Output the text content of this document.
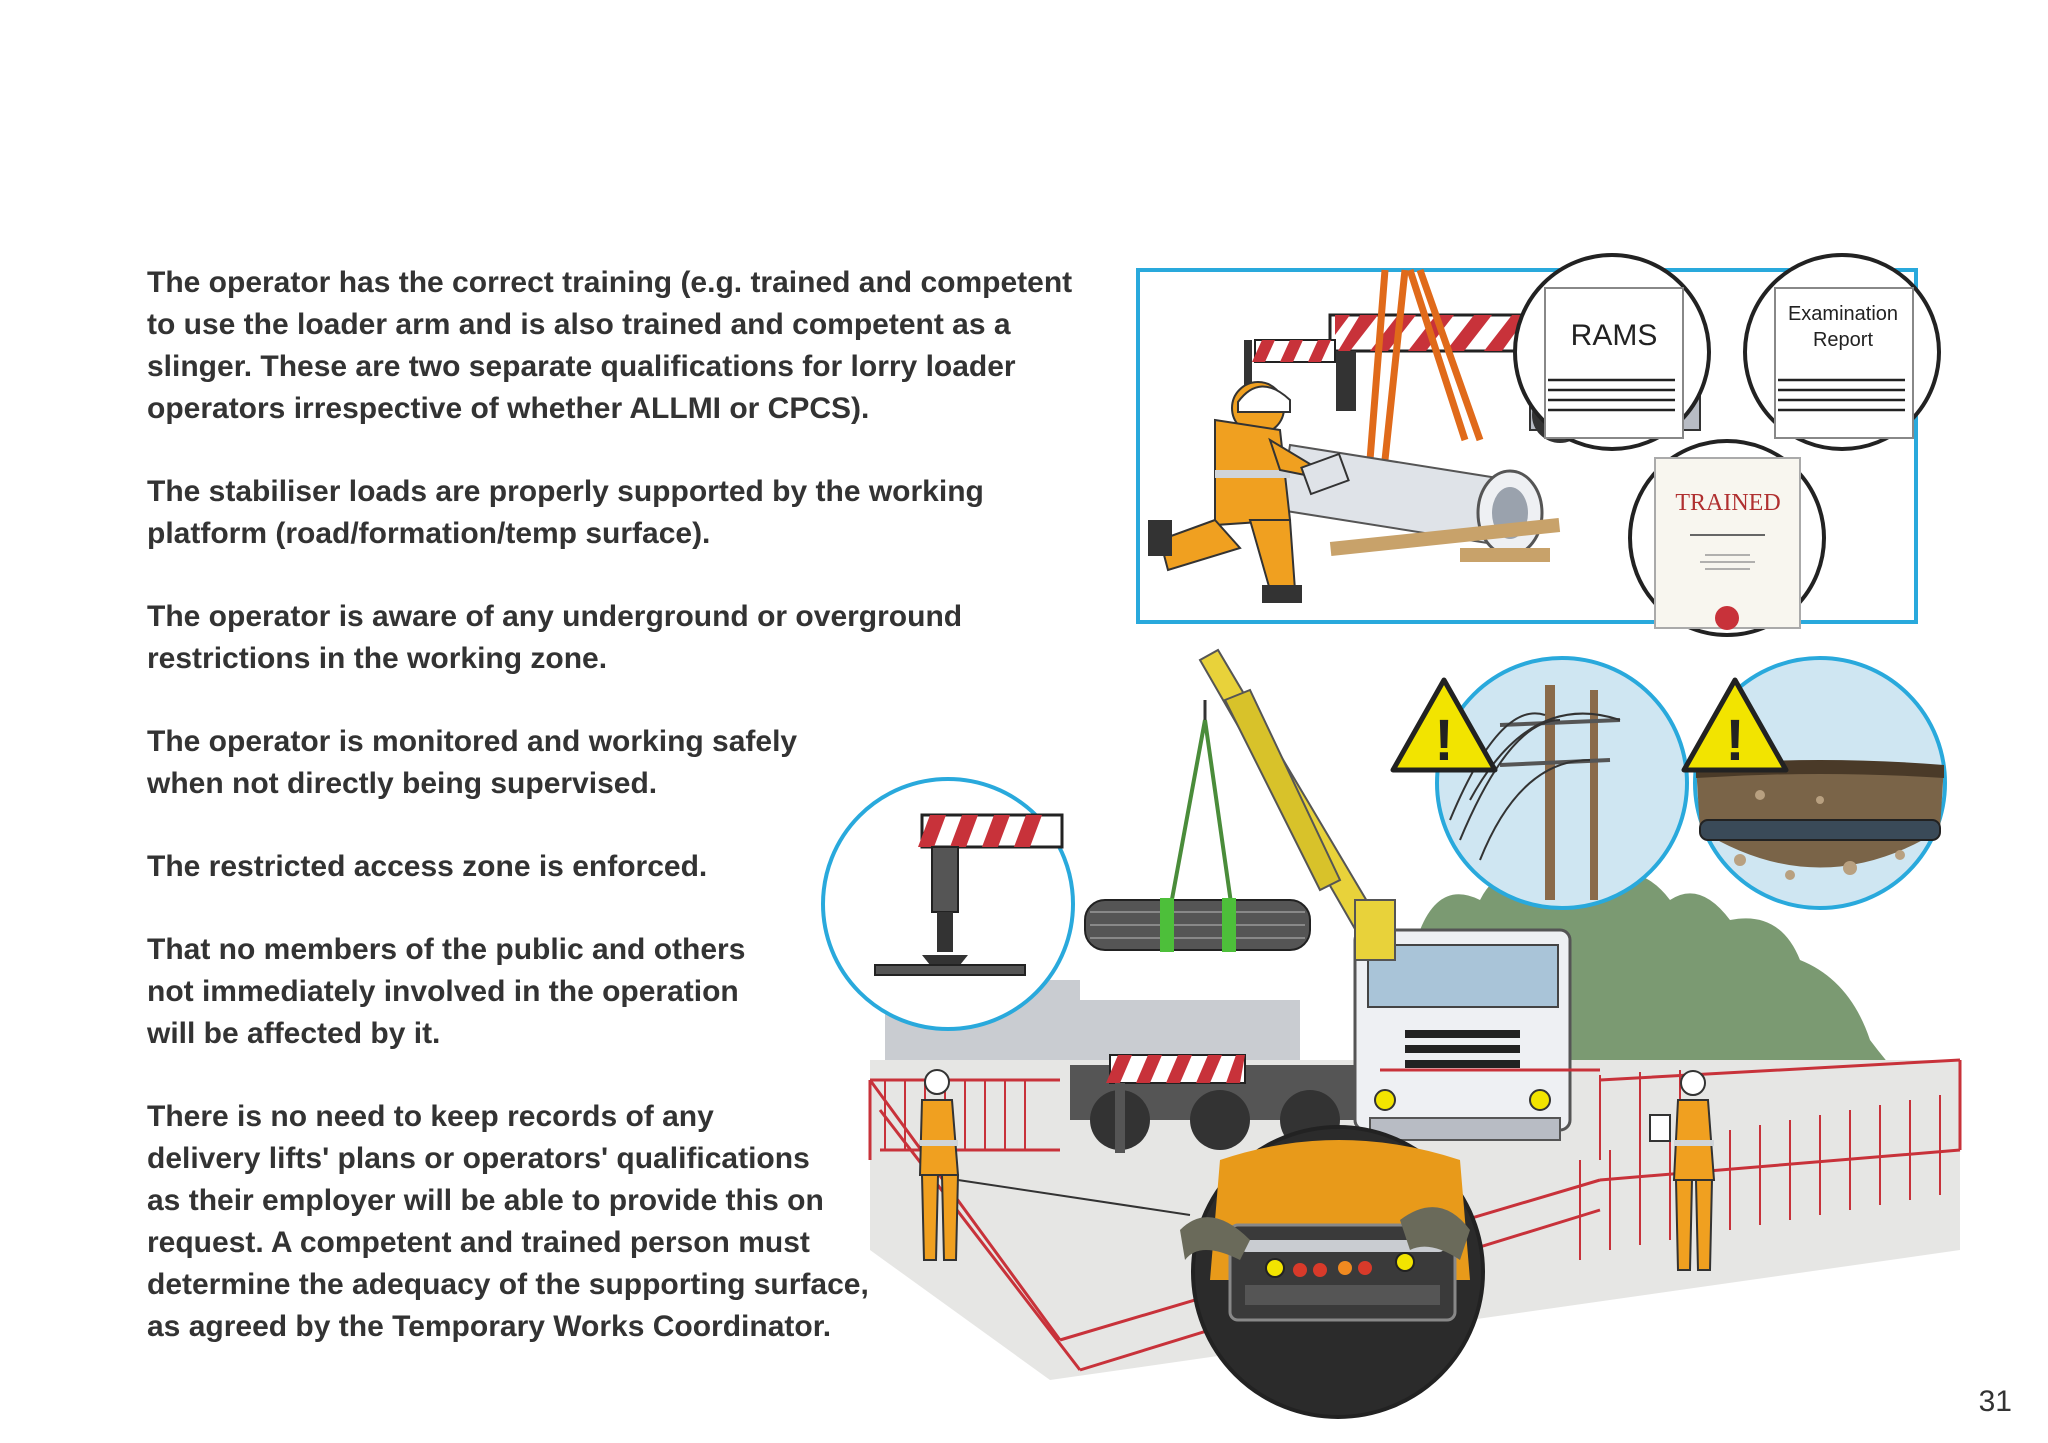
The operator has the correct training (e.g. trained and competent
to use the loader arm and is also trained and competent as a
slinger. These are two separate qualifications for lorry loader
operators irrespective of whether ALLMI or CPCS).

The stabiliser loads are properly supported by the working
platform (road/formation/temp surface).

The operator is aware of any underground or overground
restrictions in the working zone.

The operator is monitored and working safely
when not directly being supervised.

The restricted access zone is enforced.

That no members of the public and others
not immediately involved in the operation
will be affected by it.

There is no need to keep records of any
delivery lifts' plans or operators' qualifications
as their employer will be able to provide this on
request. A competent and trained person must
determine the adequacy of the supporting surface,
as agreed by the Temporary Works Coordinator.

RAMS
Examination
Report
TRAINED
!	!
31
